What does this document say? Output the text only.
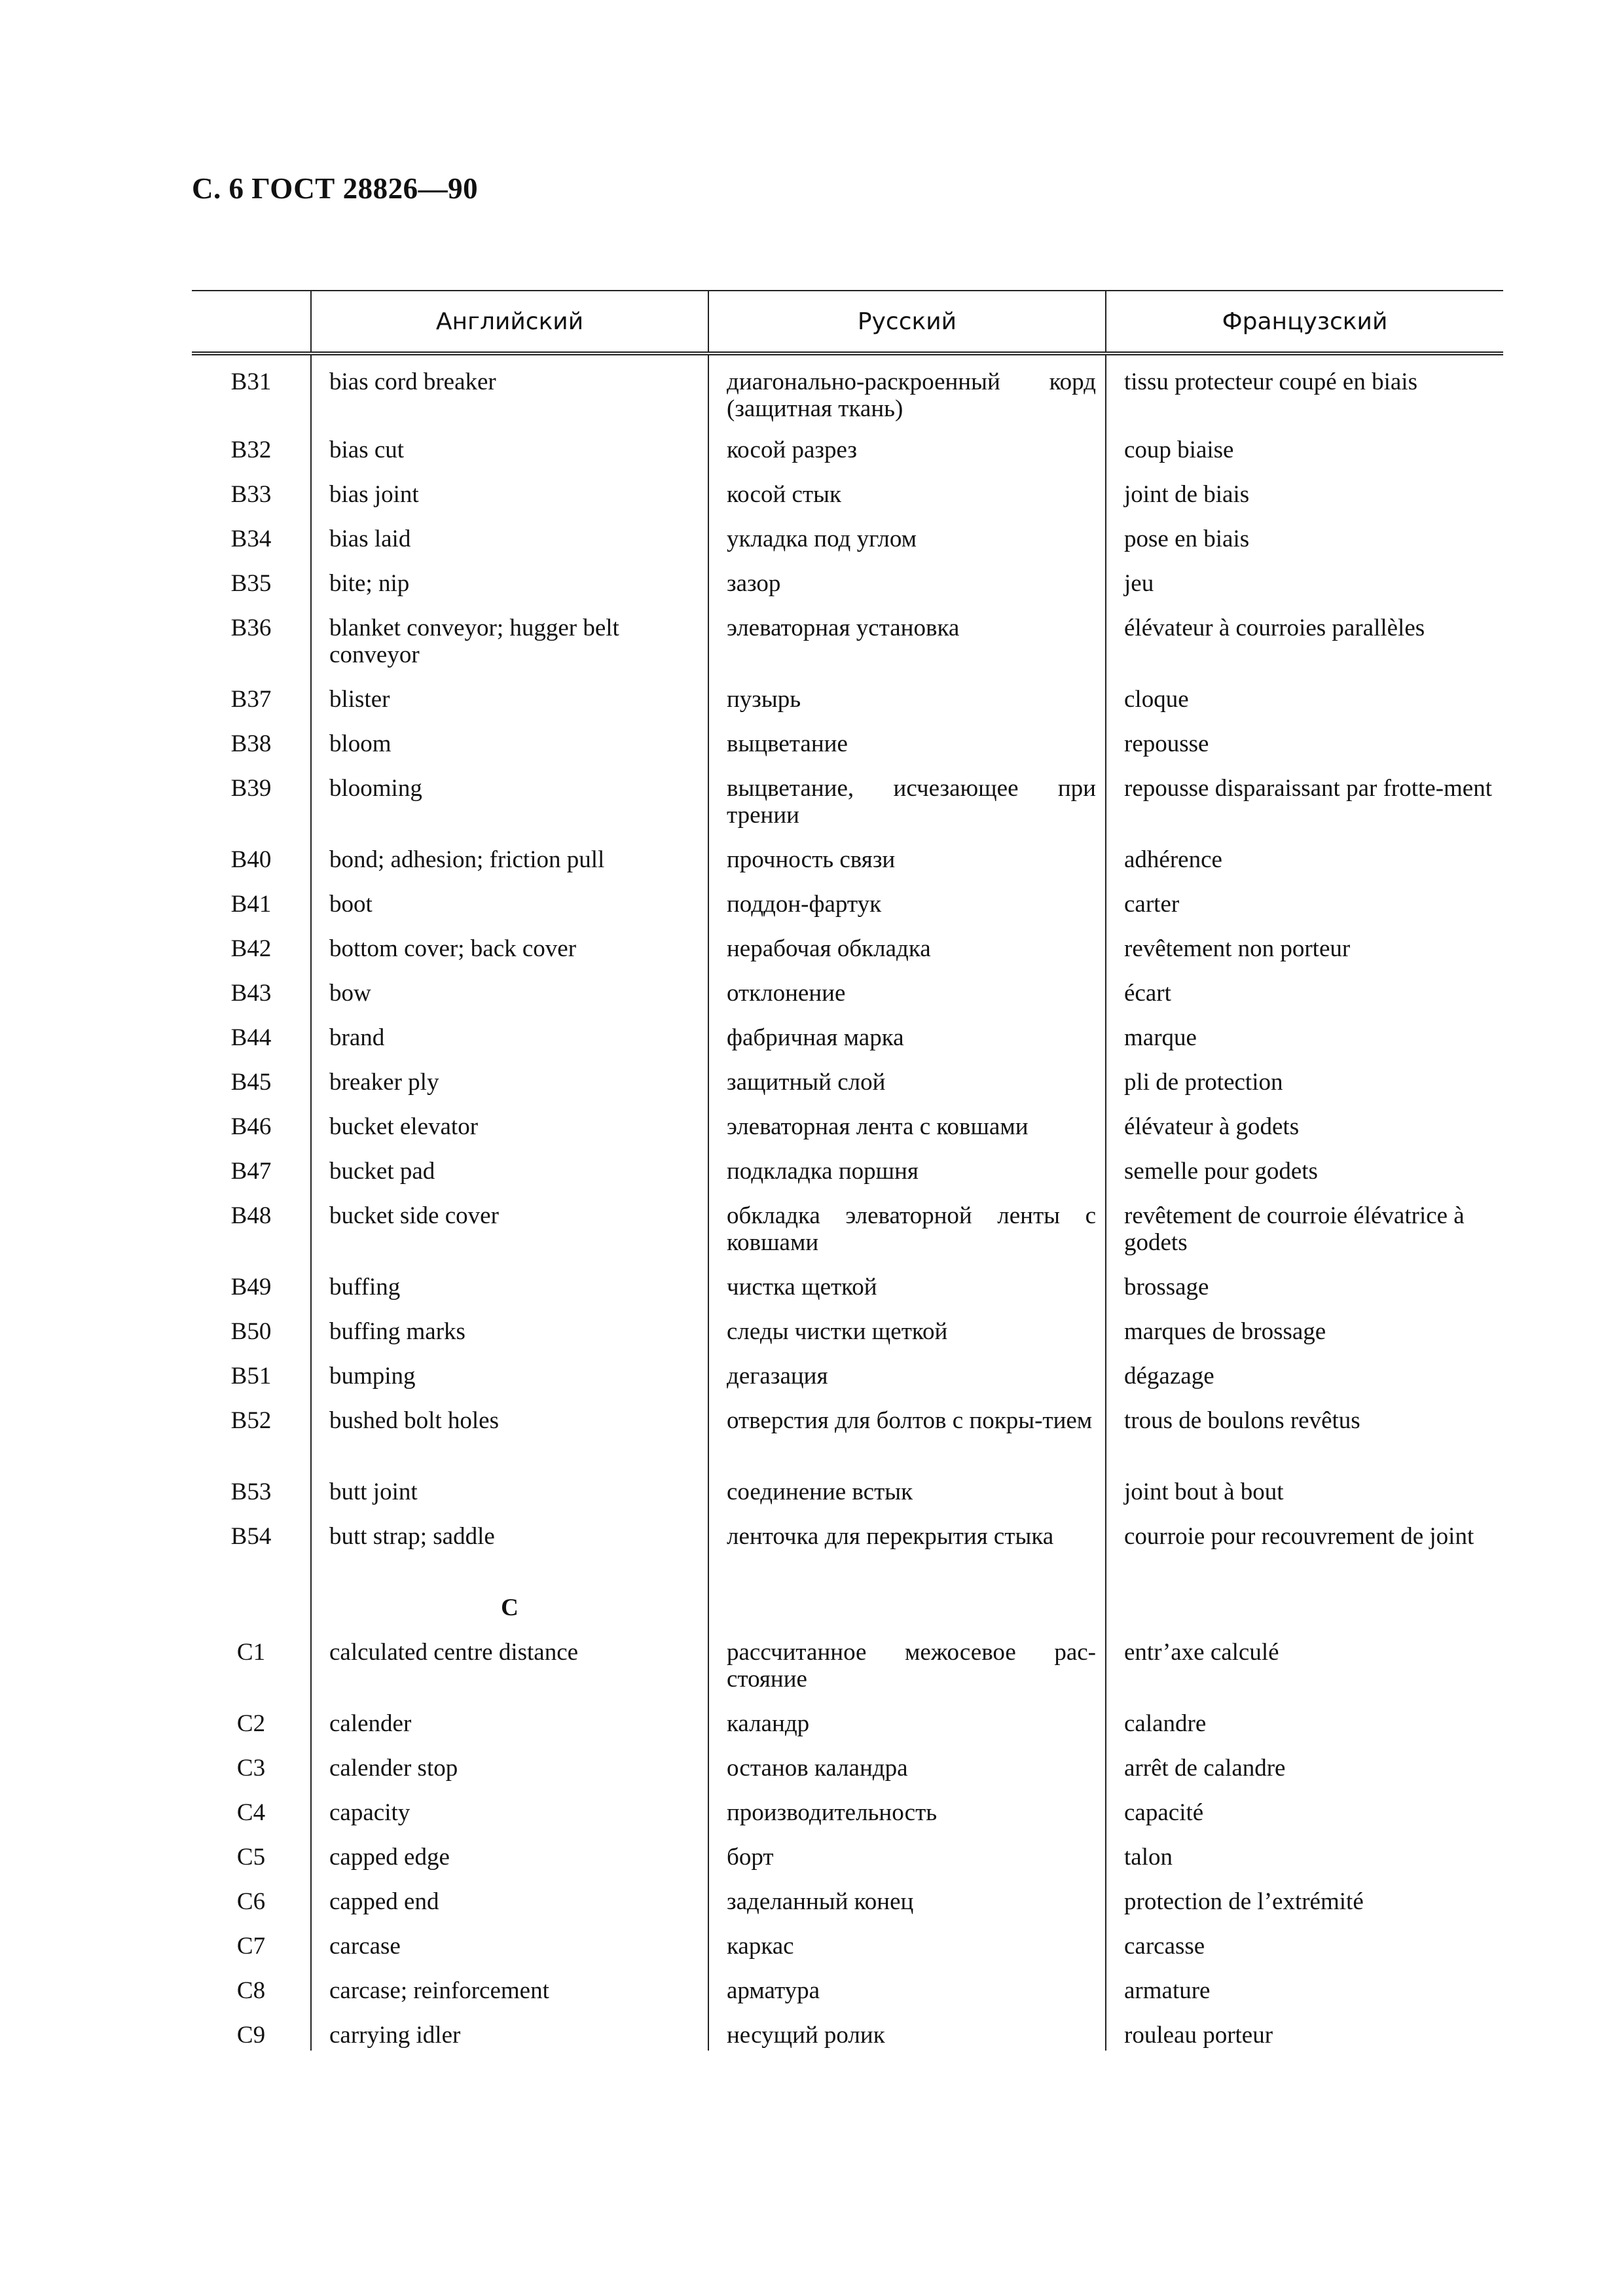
С. 6 ГОСТ 28826—90
	Английский	Русский	Французский
B31	bias cord breaker	диагонально-раскроенный корд (защитная ткань)	tissu protecteur coupé en biais
B32	bias cut	косой разрез	coup biaise
B33	bias joint	косой стык	joint de biais
B34	bias laid	укладка под углом	pose en biais
B35	bite; nip	зазор	jeu
B36	blanket conveyor; hugger belt conveyor	элеваторная установка	élévateur à courroies parallèles
B37	blister	пузырь	cloque
B38	bloom	выцветание	repousse
B39	blooming	выцветание, исчезающее при трении	repousse disparaissant par frotte-ment
B40	bond; adhesion; friction pull	прочность связи	adhérence
B41	boot	поддон-фартук	carter
B42	bottom cover; back cover	нерабочая обкладка	revêtement non porteur
B43	bow	отклонение	écart
B44	brand	фабричная марка	marque
B45	breaker ply	защитный слой	pli de protection
B46	bucket elevator	элеваторная лента с ковшами	élévateur à godets
B47	bucket pad	подкладка поршня	semelle pour godets
B48	bucket side cover	обкладка элеваторной ленты с ковшами	revêtement de courroie élévatrice à godets
B49	buffing	чистка щеткой	brossage
B50	buffing marks	следы чистки щеткой	marques de brossage
B51	bumping	дегазация	dégazage
B52	bushed bolt holes	отверстия для болтов с покры-тием	trous de boulons revêtus
B53	butt joint	соединение встык	joint bout à bout
B54	butt strap; saddle	ленточка для перекрытия стыка	courroie pour recouvrement de joint
	C		
C1	calculated centre distance	рассчитанное межосевое рас-стояние	entr’axe calculé
C2	calender	каландр	calandre
C3	calender stop	останов каландра	arrêt de calandre
C4	capacity	производительность	capacité
C5	capped edge	борт	talon
C6	capped end	заделанный конец	protection de l’extrémité
C7	carcase	каркас	carcasse
C8	carcase; reinforcement	арматура	armature
C9	carrying idler	несущий ролик	rouleau porteur
